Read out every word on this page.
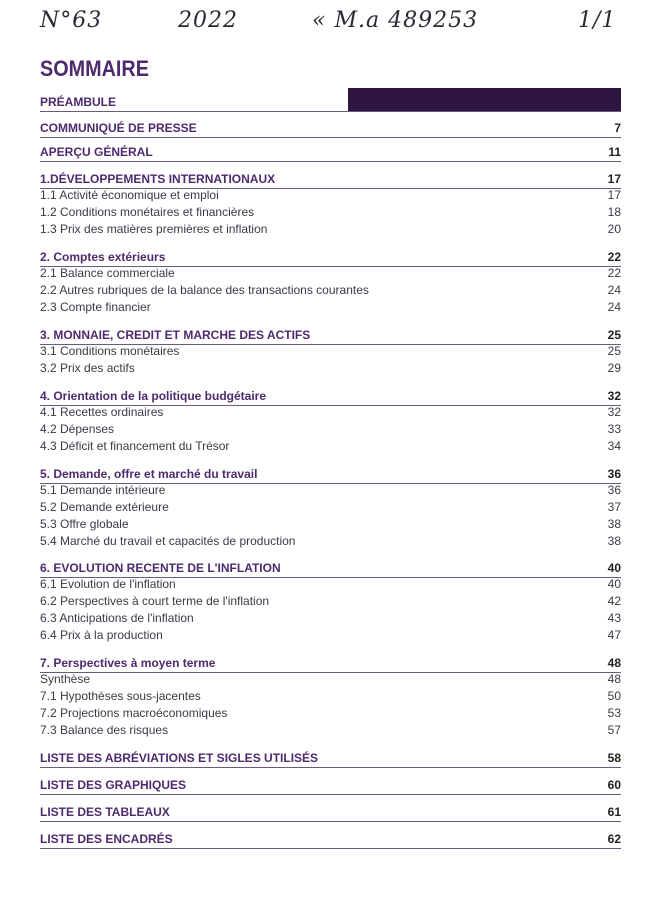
N°63	2022	« M.a 489253	1/1
SOMMAIRE
PRÉAMBULE
COMMUNIQUÉ DE PRESSE	7
APERÇU GÉNÉRAL	11
1.DÉVELOPPEMENTS INTERNATIONAUX	17
1.1 Activité économique et emploi	17
1.2 Conditions monétaires et financières	18
1.3 Prix des matières premières et inflation	20
2. Comptes extérieurs	22
2.1 Balance commerciale	22
2.2 Autres rubriques de la balance des transactions courantes	24
2.3 Compte financier	24
3. MONNAIE, CREDIT ET MARCHE DES ACTIFS	25
3.1 Conditions monétaires	25
3.2 Prix des actifs	29
4. Orientation de la politique budgétaire	32
4.1 Recettes ordinaires	32
4.2 Dépenses	33
4.3 Déficit et financement du Trésor	34
5. Demande, offre et marché du travail	36
5.1 Demande intérieure	36
5.2 Demande extérieure	37
5.3 Offre globale	38
5.4 Marché du travail et capacités de production	38
6. EVOLUTION RECENTE DE L'INFLATION	40
6.1 Evolution de l'inflation	40
6.2 Perspectives à court terme de l'inflation	42
6.3 Anticipations de l'inflation	43
6.4 Prix à la production	47
7. Perspectives à moyen terme	48
Synthèse	48
7.1 Hypothèses sous-jacentes	50
7.2 Projections macroéconomiques	53
7.3 Balance des risques	57
LISTE DES ABRÉVIATIONS ET SIGLES UTILISÉS	58
LISTE DES GRAPHIQUES	60
LISTE DES TABLEAUX	61
LISTE DES ENCADRÉS	62
